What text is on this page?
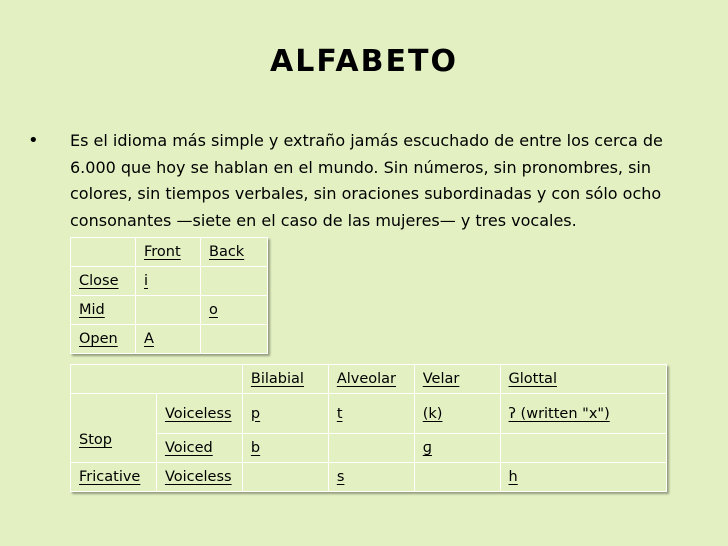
ALFABETO
•	Es el idioma más simple y extraño jamás escuchado de entre los cerca de 6.000 que hoy se hablan en el mundo. Sin números, sin pronombres, sin colores, sin tiempos verbales, sin oraciones subordinadas y con sólo ocho consonantes —siete en el caso de las mujeres— y tres vocales.
	Front	Back
Close	i	
Mid		o
Open	A	
		Bilabial	Alveolar	Velar	Glottal
Stop	Voiceless	p	t	(k)	ʔ (written "x")
	Voiced	b		ɡ	
Fricative	Voiceless		s		h
